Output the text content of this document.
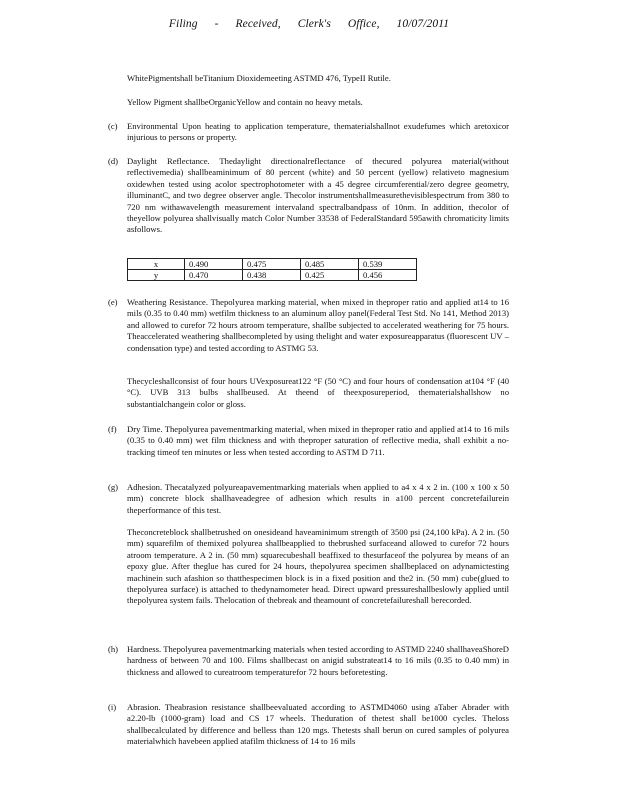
Filing - Received, Clerk's Office, 10/07/2011
WhitePigmentshall beTitanium Dioxidemeeting ASTMD 476, TypeII Rutile.
Yellow Pigment shallbeOrganicYellow and contain no heavy metals.
(c) Environmental Upon heating to application temperature, thematerialshallnot exudefumes which aretoxicor injurious to persons or property.
(d) Daylight Reflectance. Thedaylight directionalreflectance of thecured polyurea material(without reflectivemedia) shallbeaminimum of 80 percent (white) and 50 percent (yellow) relativeto magnesium oxidewhen tested using acolor spectrophotometer with a 45 degree circumferential/zero degree geometry, illuminantC, and two degree observer angle. Thecolor instrumentshallmeasurethevisiblespectrum from 380 to 720 nm withawavelength measurement intervaland spectralbandpass of 10nm. In addition, thecolor of theyellow polyurea shallvisually match Color Number 33538 of FederalStandard 595awith chromaticity limits asfollows.
x	0.490	0.475	0.485	0.539
y	0.470	0.438	0.425	0.456
(e) Weathering Resistance. Thepolyurea marking material, when mixed in theproper ratio and applied at14 to 16 mils (0.35 to 0.40 mm) wetfilm thickness to an aluminum alloy panel(Federal Test Std. No 141, Method 2013) and allowed to curefor 72 hours atroom temperature, shallbe subjected to accelerated weathering for 75 hours. Theaccelerated weathering shallbecompleted by using thelight and water exposureapparatus (fluorescent UV – condensation type) and tested according to ASTMG 53.
Thecycleshallconsist of four hours UVexposureat122 °F (50 °C) and four hours of condensation at104 °F (40 °C). UVB 313 bulbs shallbeused. At theend of theexposureperiod, thematerialshallshow no substantialchangein color or gloss.
(f) Dry Time. Thepolyurea pavementmarking material, when mixed in theproper ratio and applied at14 to 16 mils (0.35 to 0.40 mm) wet film thickness and with theproper saturation of reflective media, shall exhibit a no-tracking timeof ten minutes or less when tested according to ASTM D 711.
(g) Adhesion. Thecatalyzed polyureapavementmarking materials when applied to a4 x 4 x 2 in. (100 x 100 x 50 mm) concrete block shallhaveadegree of adhesion which results in a100 percent concretefailurein theperformance of this test.
Theconcreteblock shallbetrushed on onesideand haveaminimum strength of 3500 psi (24,100 kPa). A 2 in. (50 mm) squarefilm of themixed polyurea shallbeapplied to thebrushed surfaceand allowed to curefor 72 hours atroom temperature. A 2 in. (50 mm) squarecubeshall beaffixed to thesurfaceof the polyurea by means of an epoxy glue. After theglue has cured for 24 hours, thepolyurea specimen shallbeplaced on adynamictesting machinein such afashion so thatthespecimen block is in a fixed position and the2 in. (50 mm) cube(glued to thepolyurea surface) is attached to thedynamometer head. Direct upward pressureshallbeslowly applied until thepolyurea system fails. Thelocation of thebreak and theamount of concretefailureshall berecorded.
(h) Hardness. Thepolyurea pavementmarking materials when tested according to ASTMD 2240 shallhaveaShoreD hardness of between 70 and 100. Films shallbecast on anigid substrateat14 to 16 mils (0.35 to 0.40 mm) in thickness and allowed to cureatroom temperaturefor 72 hours beforetesting.
(i) Abrasion. Theabrasion resistance shallbeevaluated according to ASTMD4060 using aTaber Abrader with a2.20-lb (1000-gram) load and CS 17 wheels. Theduration of thetest shall be1000 cycles. Theloss shallbecalculated by difference and belless than 120 mgs. Thetests shall berun on cured samples of polyurea materialwhich havebeen applied atafilm thickness of 14 to 16 mils
